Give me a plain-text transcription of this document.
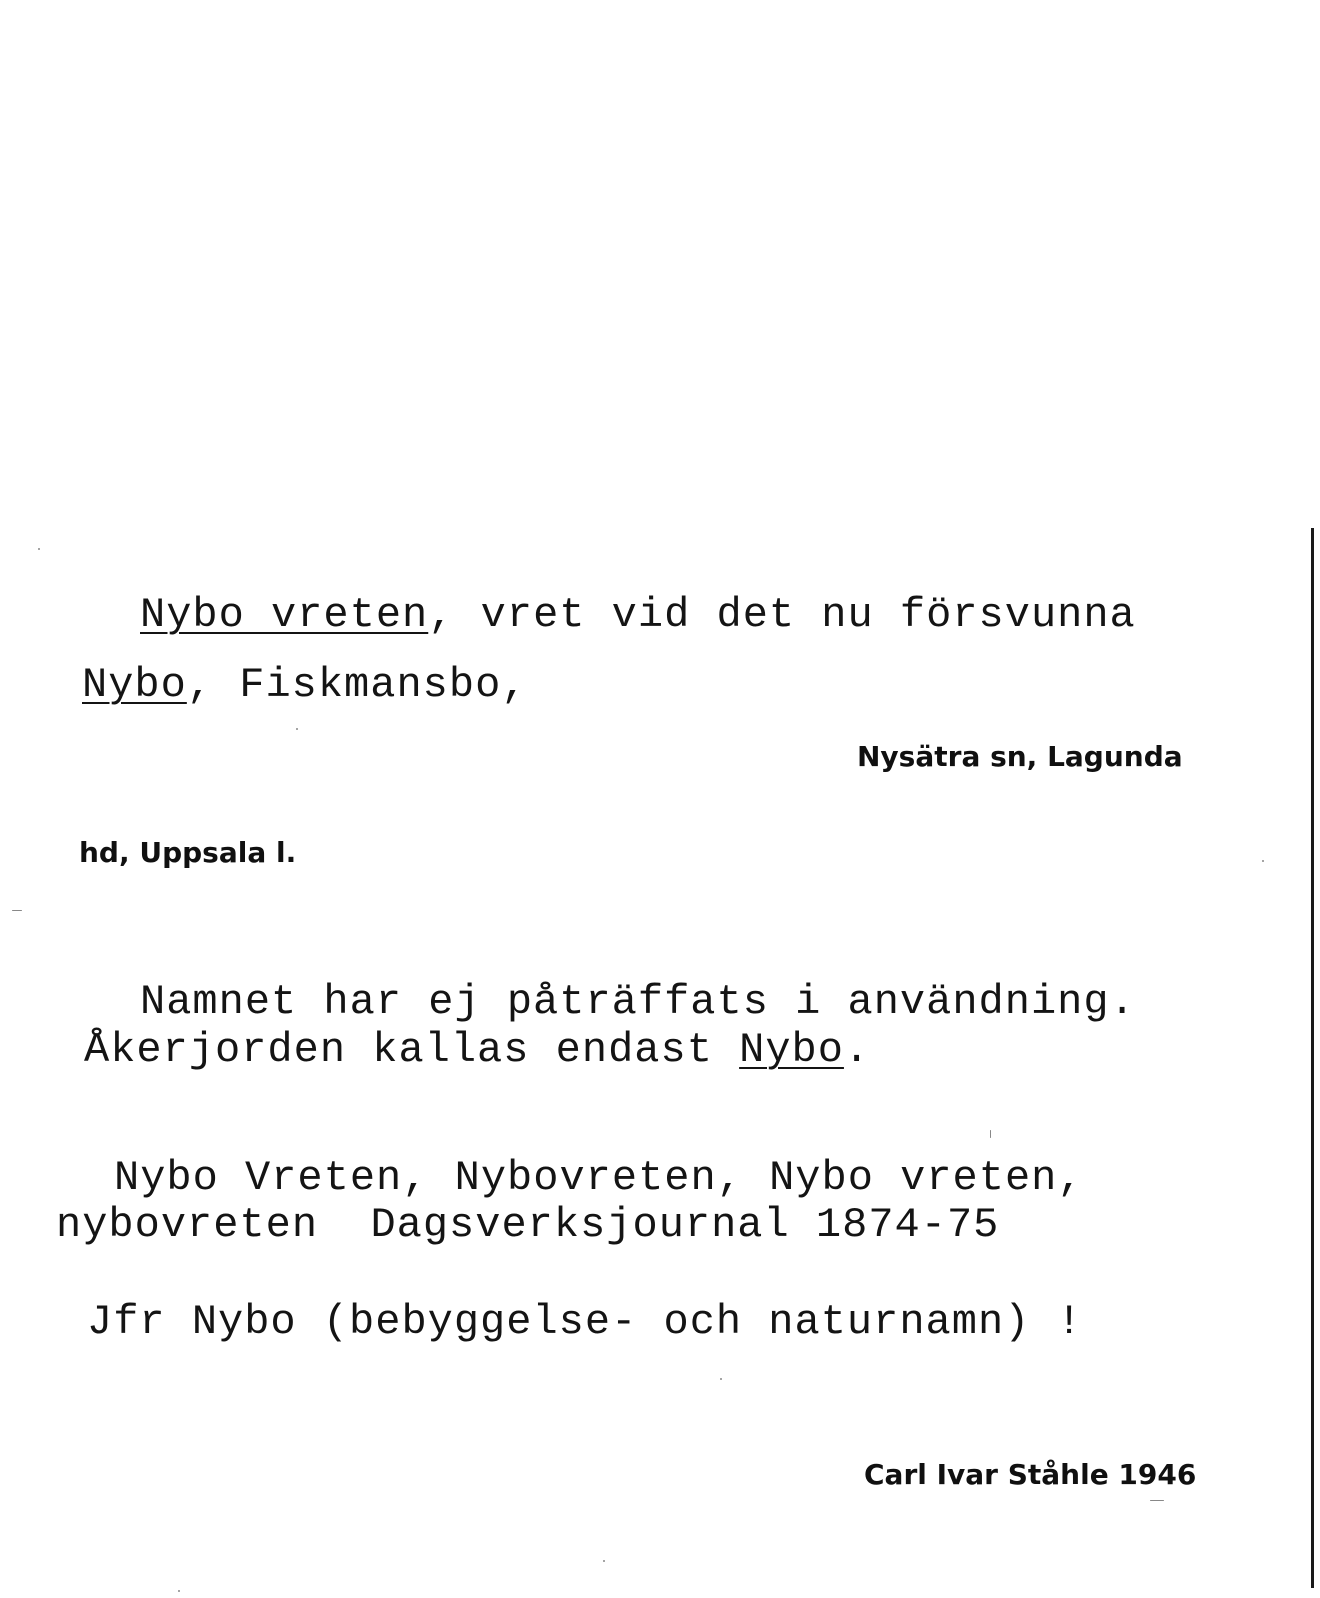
Nybo vreten, vret vid det nu försvunna
Nybo, Fiskmansbo,
Nysätra sn, Lagunda
hd, Uppsala l.
Namnet har ej påträffats i användning.
Åkerjorden kallas endast Nybo.
Nybo Vreten, Nybovreten, Nybo vreten,
nybovreten  Dagsverksjournal 1874-75
Jfr Nybo (bebyggelse- och naturnamn) !
Carl Ivar Ståhle 1946
